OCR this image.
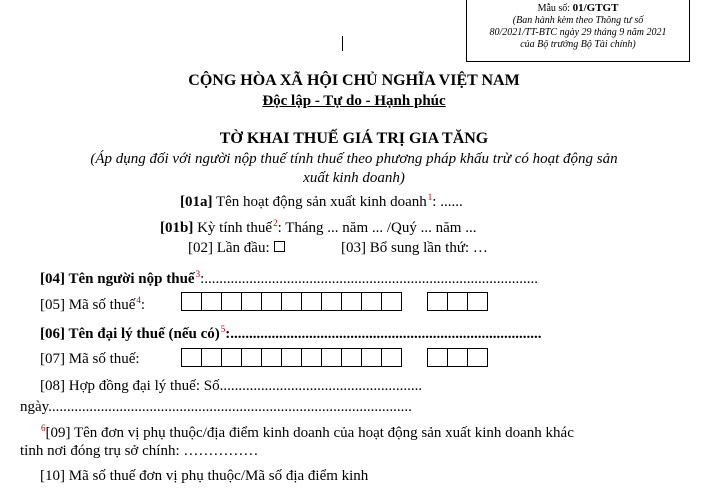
Mẫu số: 01/GTGT
(Ban hành kèm theo Thông tư số
80/2021/TT-BTC ngày 29 tháng 9 năm 2021
của Bộ trưởng Bộ Tài chính)
CỘNG HÒA XÃ HỘI CHỦ NGHĨA VIỆT NAM
Độc lập - Tự do - Hạnh phúc
TỜ KHAI THUẾ GIÁ TRỊ GIA TĂNG
(Áp dụng đối với người nộp thuế tính thuế theo phương pháp khấu trừ có hoạt động sản
xuất kinh doanh)
[01a] Tên hoạt động sản xuất kinh doanh$^1$: ......
[01b] Kỳ tính thuế$^2$: Tháng ... năm ... /Quý ... năm ...
[02] Lần đầu:	[03] Bổ sung lần thứ: …
[04] Tên người nộp thuế$^3$:.........................................................................................
[05] Mã số thuế$^4$:
[06] Tên đại lý thuế (nếu có)$^5$:...................................................................................
[07] Mã số thuế:
[08] Hợp đồng đại lý thuế: Số......................................................
ngày.................................................................................................
$^6$[09] Tên đơn vị phụ thuộc/địa điểm kinh doanh của hoạt động sản xuất kinh doanh khác
tỉnh nơi đóng trụ sở chính: ……………
[10] Mã số thuế đơn vị phụ thuộc/Mã số địa điểm kinh
